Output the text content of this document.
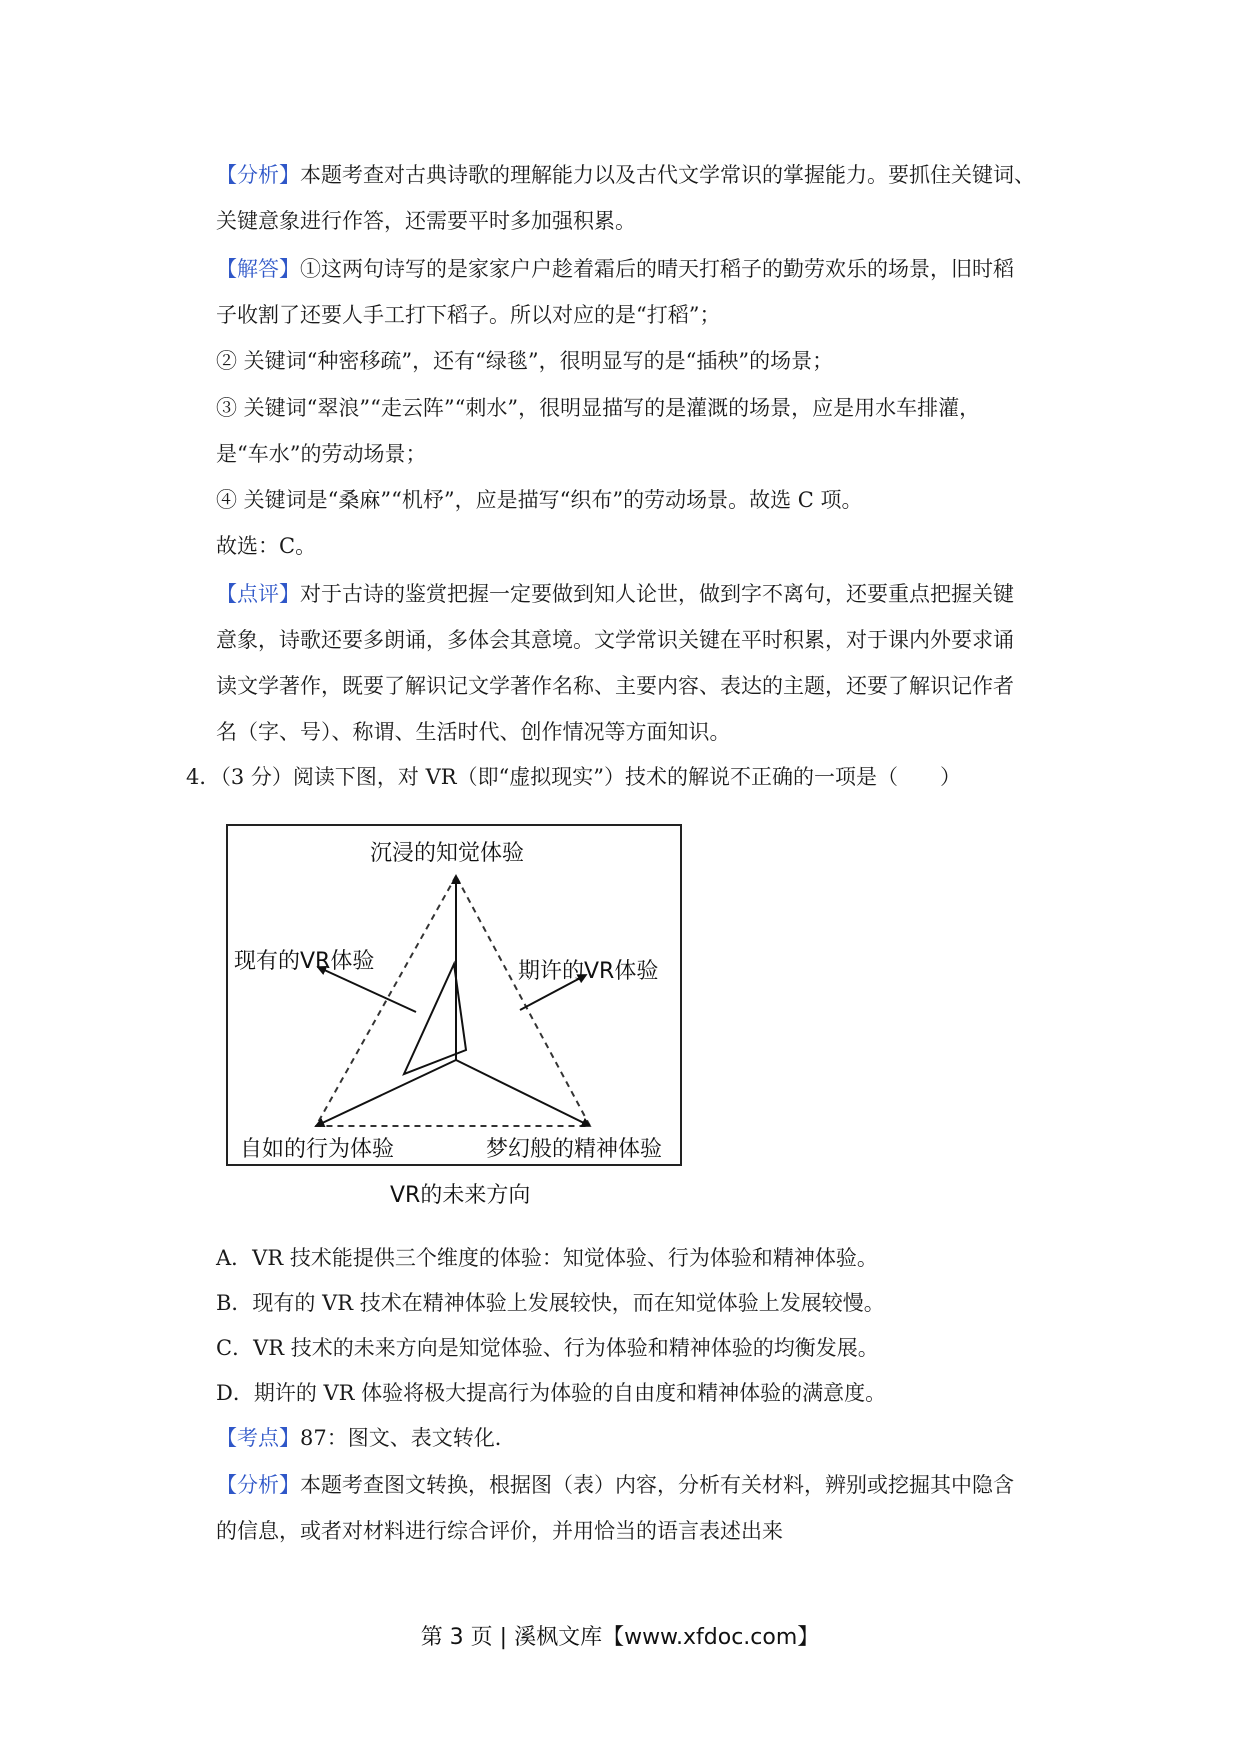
【分析】本题考查对古典诗歌的理解能力以及古代文学常识的掌握能力。要抓住关键词、
关键意象进行作答，还需要平时多加强积累。
【解答】①这两句诗写的是家家户户趁着霜后的晴天打稻子的勤劳欢乐的场景，旧时稻
子收割了还要人手工打下稻子。所以对应的是“打稻”；
② 关键词“种密移疏”，还有“绿毯”，很明显写的是“插秧”的场景；
③ 关键词“翠浪”“走云阵”“刺水”，很明显描写的是灌溉的场景，应是用水车排灌，
是“车水”的劳动场景；
④ 关键词是“桑麻”“机杼”，应是描写“织布”的劳动场景。故选 C 项。
故选：C。
【点评】对于古诗的鉴赏把握一定要做到知人论世，做到字不离句，还要重点把握关键
意象，诗歌还要多朗诵，多体会其意境。文学常识关键在平时积累，对于课内外要求诵
读文学著作，既要了解识记文学著作名称、主要内容、表达的主题，还要了解识记作者
名（字、号）、称谓、生活时代、创作情况等方面知识。
4．（3 分）阅读下图，对 VR（即“虚拟现实”）技术的解说不正确的一项是（　　）
沉浸的知觉体验
现有的VR体验	期许的VR体验
自如的行为体验	梦幻般的精神体验
VR的未来方向
A．VR 技术能提供三个维度的体验：知觉体验、行为体验和精神体验。
B．现有的 VR 技术在精神体验上发展较快，而在知觉体验上发展较慢。
C．VR 技术的未来方向是知觉体验、行为体验和精神体验的均衡发展。
D．期许的 VR 体验将极大提高行为体验的自由度和精神体验的满意度。
【考点】87：图文、表文转化．
【分析】本题考查图文转换，根据图（表）内容，分析有关材料，辨别或挖掘其中隐含
的信息，或者对材料进行综合评价，并用恰当的语言表述出来
第 3 页 | 溪枫文库【www.xfdoc.com】
